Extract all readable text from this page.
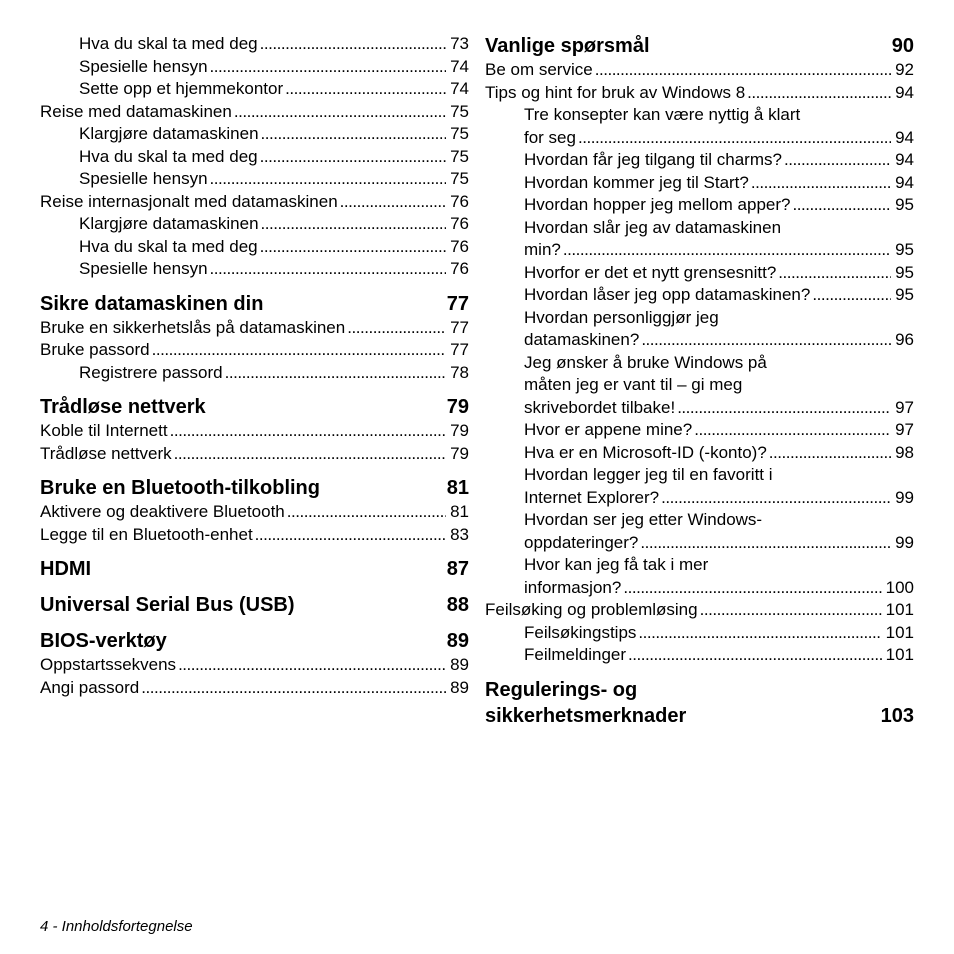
Hva du skal ta med deg . . .	73
Spesielle hensyn . . .	74
Sette opp et hjemmekontor . . .	74
Reise med datamaskinen . . .	75
Klargjøre datamaskinen . . .	75
Hva du skal ta med deg . . .	75
Spesielle hensyn . . .	75
Reise internasjonalt med datamaskinen . . .	76
Klargjøre datamaskinen . . .	76
Hva du skal ta med deg . . .	76
Spesielle hensyn . . .	76
Sikre datamaskinen din	77
Bruke en sikkerhetslås på datamaskinen . . .	77
Bruke passord . . .	77
Registrere passord . . .	78
Trådløse nettverk	79
Koble til Internett . . .	79
Trådløse nettverk . . .	79
Bruke en Bluetooth-tilkobling	81
Aktivere og deaktivere Bluetooth . . .	81
Legge til en Bluetooth-enhet . . .	83
HDMI	87
Universal Serial Bus (USB)	88
BIOS-verktøy	89
Oppstartssekvens . . .	89
Angi passord . . .	89
Vanlige spørsmål	90
Be om service . . .	92
Tips og hint for bruk av Windows 8 . . .	94
Tre konsepter kan være nyttig å klart
for seg . . .	94
Hvordan får jeg tilgang til charms? . . .	94
Hvordan kommer jeg til Start? . . .	94
Hvordan hopper jeg mellom apper? . . .	95
Hvordan slår jeg av datamaskinen
min? . . .	95
Hvorfor er det et nytt grensesnitt? . . .	95
Hvordan låser jeg opp datamaskinen? . . .	95
Hvordan personliggjør jeg
datamaskinen? . . .	96
Jeg ønsker å bruke Windows på
måten jeg er vant til – gi meg
skrivebordet tilbake! . . .	97
Hvor er appene mine? . . .	97
Hva er en Microsoft-ID (-konto)? . . .	98
Hvordan legger jeg til en favoritt i
Internet Explorer? . . .	99
Hvordan ser jeg etter Windows-
oppdateringer? . . .	99
Hvor kan jeg få tak i mer
informasjon? . . .	100
Feilsøking og problemløsing . . .	101
Feilsøkingstips . . .	101
Feilmeldinger . . .	101
Regulerings- og
sikkerhetsmerknader	103
4 - Innholdsfortegnelse
